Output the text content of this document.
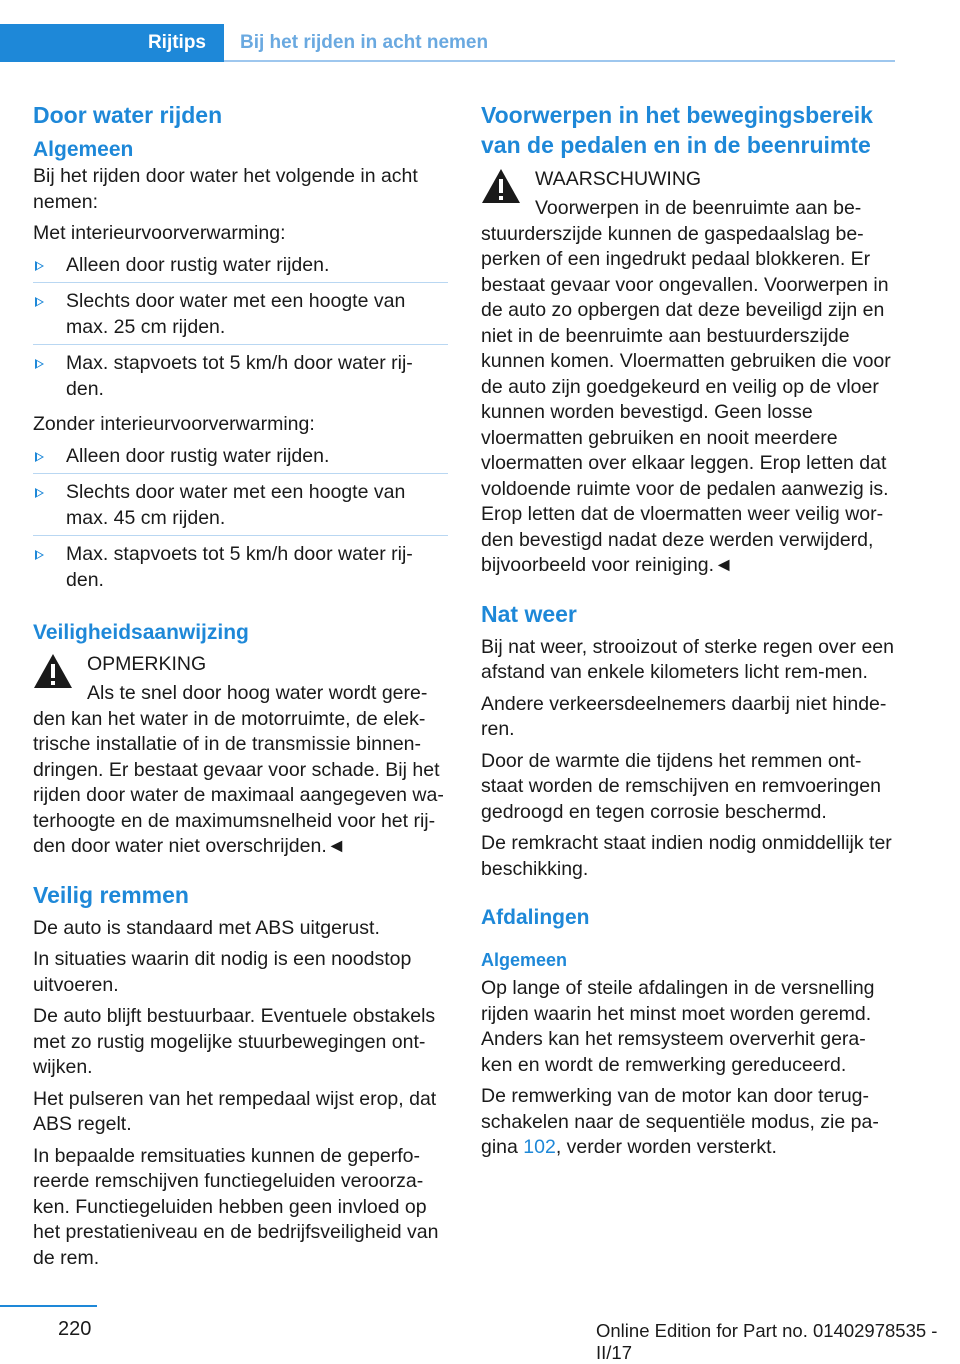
Rijtips	Bij het rijden in acht nemen
Door water rijden
Algemeen

Bij het rijden door water het volgende in acht nemen:

Met interieurvoorverwarming:

Alleen door rustig water rijden.
Slechts door water met een hoogte van max. 25 cm rijden.
Max. stapvoets tot 5 km/h door water rij-den.

Zonder interieurvoorverwarming:

Alleen door rustig water rijden.
Slechts door water met een hoogte van max. 45 cm rijden.
Max. stapvoets tot 5 km/h door water rij-den.
Veiligheidsaanwijzing
OPMERKING
Als te snel door hoog water wordt gere-

den kan het water in de motorruimte, de elek-trische installatie of in de transmissie binnen-dringen. Er bestaat gevaar voor schade. Bij het rijden door water de maximaal aangegeven wa-terhoogte en de maximumsnelheid voor het rij-den door water niet overschrijden.◄

Veilig remmen

De auto is standaard met ABS uitgerust.

In situaties waarin dit nodig is een noodstop uitvoeren.

De auto blijft bestuurbaar. Eventuele obstakels met zo rustig mogelijke stuurbewegingen ont-wijken.

Het pulseren van het rempedaal wijst erop, dat ABS regelt.

In bepaalde remsituaties kunnen de geperfo-reerde remschijven functiegeluiden veroorza-ken. Functiegeluiden hebben geen invloed op het prestatieniveau en de bedrijfsveiligheid van de rem.

Voorwerpen in het bewegingsbereik van de pedalen en in de beenruimte
WAARSCHUWING
Voorwerpen in de beenruimte aan be-

stuurderszijde kunnen de gaspedaalslag be-perken of een ingedrukt pedaal blokkeren. Er bestaat gevaar voor ongevallen. Voorwerpen in de auto zo opbergen dat deze beveiligd zijn en niet in de beenruimte aan bestuurderszijde kunnen komen. Vloermatten gebruiken die voor de auto zijn goedgekeurd en veilig op de vloer kunnen worden bevestigd. Geen losse vloermatten gebruiken en nooit meerdere vloermatten over elkaar leggen. Erop letten dat voldoende ruimte voor de pedalen aanwezig is. Erop letten dat de vloermatten weer veilig wor-den bevestigd nadat deze werden verwijderd, bijvoorbeeld voor reiniging.◄

Nat weer

Bij nat weer, strooizout of sterke regen over een afstand van enkele kilometers licht rem-men.

Andere verkeersdeelnemers daarbij niet hinde-ren.

Door de warmte die tijdens het remmen ont-staat worden de remschijven en remvoeringen gedroogd en tegen corrosie beschermd.

De remkracht staat indien nodig onmiddellijk ter beschikking.

Afdalingen
Algemeen

Op lange of steile afdalingen in de versnelling rijden waarin het minst moet worden geremd. Anders kan het remsysteem oververhit gera-ken en wordt de remwerking gereduceerd.

De remwerking van de motor kan door terug-schakelen naar de sequentiële modus, zie pa-gina 102, verder worden versterkt.

220	Online Edition for Part no. 01402978535 - II/17
